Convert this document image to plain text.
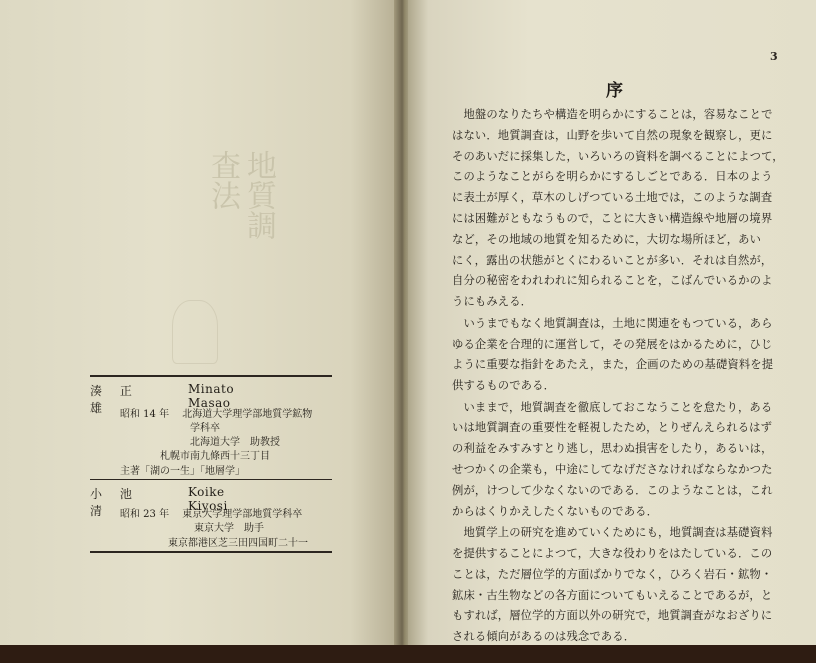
地質調査法
湊 正 雄
Minato Masao
昭和 14 年　 北海道大学理学部地質学鉱物
学科卒
北海道大学　助教授
札幌市南九條西十三丁目
主著「湖の一生」「地層学」
小 池 清
Koike Kiyosi
昭和 23 年　 東京大学理学部地質学科卒
東京大学　助手
東京都港区芝三田四国町二十一
3
序
　地盤のなりたちや構造を明らかにすることは，容易なことで
はない．地質調査は，山野を歩いて自然の現象を観察し，更に
そのあいだに採集した，いろいろの資料を調べることによつて，
このようなことがらを明らかにするしごとである．日本のよう
に表土が厚く，草木のしげつている土地では，このような調査
には困難がともなうもので，ことに大きい構造線や地層の境界
など，その地域の地質を知るために，大切な場所ほど，あい
にく，露出の状態がとくにわるいことが多い．それは自然が，
自分の秘密をわれわれに知られることを，こばんでいるかのよ
うにもみえる．
　いうまでもなく地質調査は，土地に関連をもつている，あら
ゆる企業を合理的に運営して，その発展をはかるために，ひじ
ように重要な指針をあたえ，また，企画のための基礎資料を提
供するものである．
　いままで，地質調査を徹底しておこなうことを怠たり，ある
いは地質調査の重要性を軽視したため，とりぜんえられるはず
の利益をみすみすとり逃し，思わぬ損害をしたり，あるいは，
せつかくの企業も，中途にしてなげださなければならなかつた
例が，けつして少なくないのである．このようなことは，これ
からはくりかえしたくないものである．
　地質学上の研究を進めていくためにも，地質調査は基礎資料
を提供することによつて，大きな役わりをはたしている．この
ことは，ただ層位学的方面ばかりでなく，ひろく岩石・鉱物・
鉱床・古生物などの各方面についてもいえることであるが，と
もすれば，層位学的方面以外の研究で，地質調査がなおざりに
される傾向があるのは残念である．
